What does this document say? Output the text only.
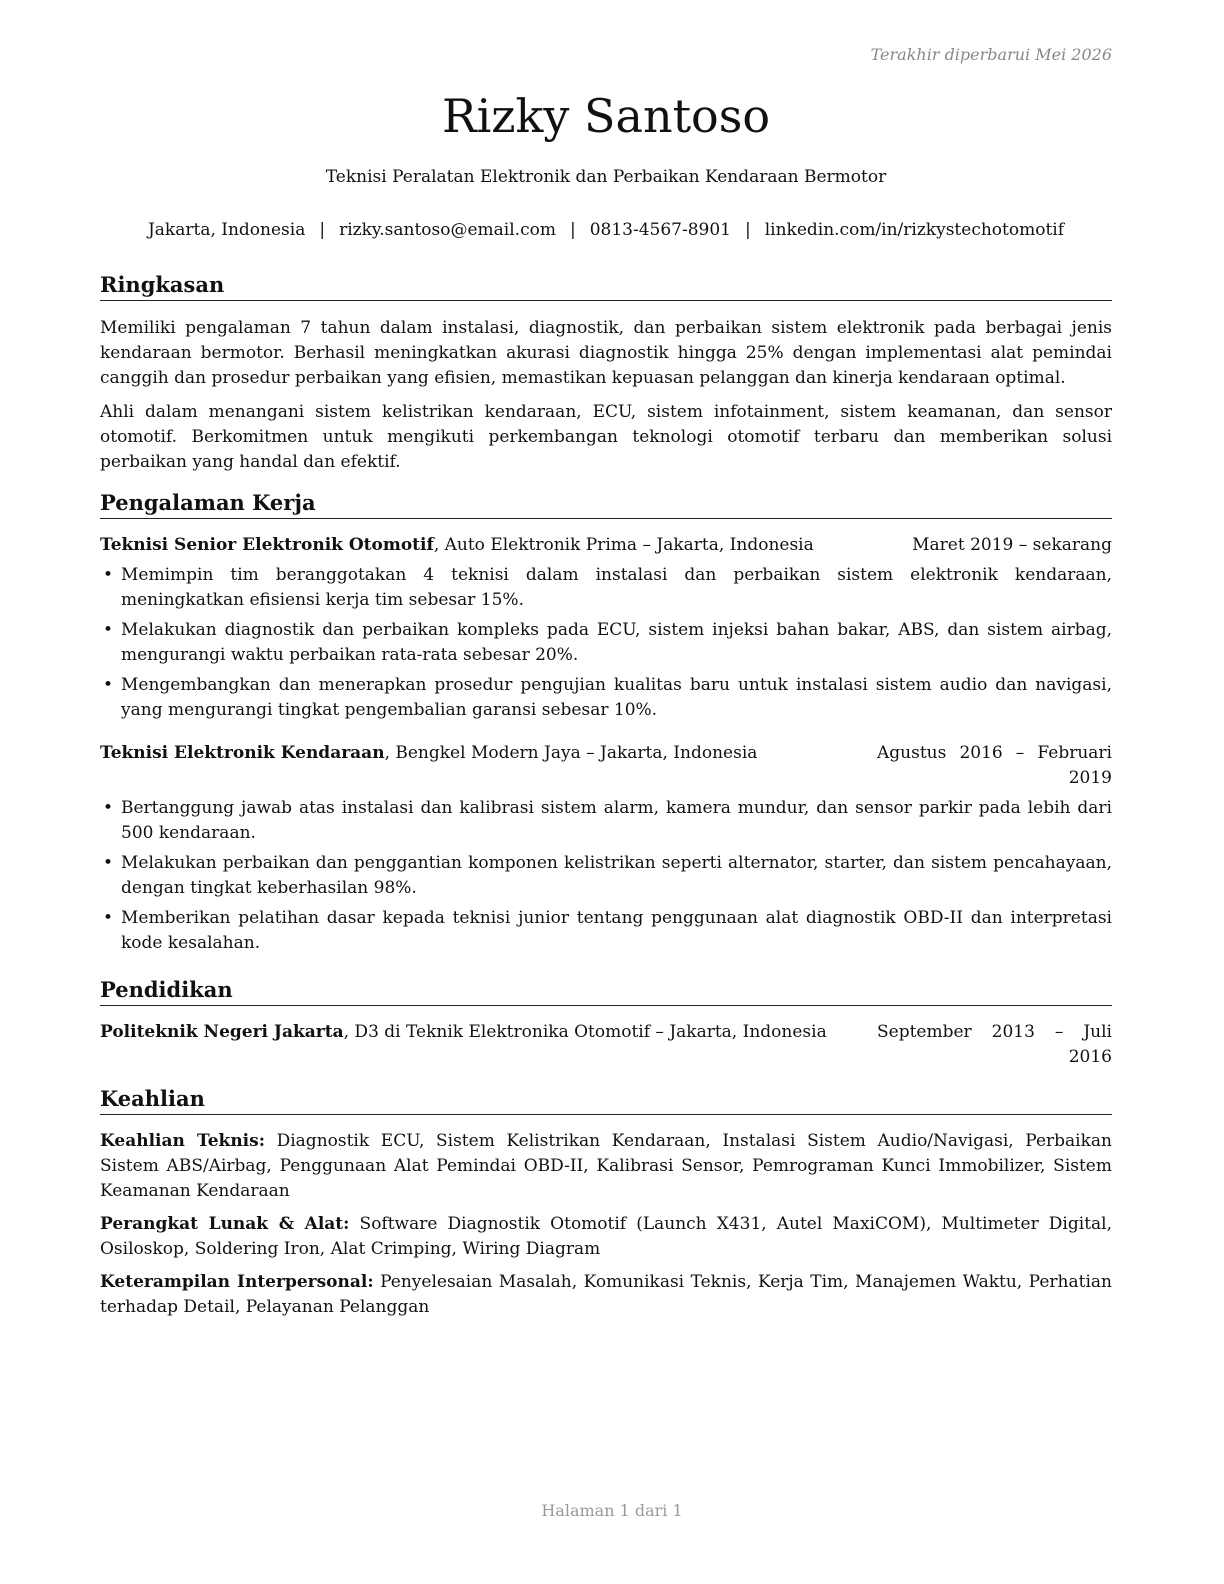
Terakhir diperbarui Mei 2026
Rizky Santoso
Teknisi Peralatan Elektronik dan Perbaikan Kendaraan Bermotor
Jakarta, Indonesia | rizky.santoso@email.com | 0813-4567-8901 | linkedin.com/in/rizkystechotomotif
Ringkasan

Memiliki pengalaman 7 tahun dalam instalasi, diagnostik, dan perbaikan sistem elektronik pada berbagai jenis kendaraan bermotor. Berhasil meningkatkan akurasi diagnostik hingga 25% dengan implementasi alat pemindai canggih dan prosedur perbaikan yang efisien, memastikan kepuasan pelanggan dan kinerja kendaraan optimal.

Ahli dalam menangani sistem kelistrikan kendaraan, ECU, sistem infotainment, sistem keamanan, dan sensor otomotif. Berkomitmen untuk mengikuti perkembangan teknologi otomotif terbaru dan memberikan solusi perbaikan yang handal dan efektif.

Pengalaman Kerja
Teknisi Senior Elektronik Otomotif, Auto Elektronik Prima – Jakarta, Indonesia	Maret 2019 – sekarang
• Memimpin tim beranggotakan 4 teknisi dalam instalasi dan perbaikan sistem elektronik kendaraan, meningkatkan efisiensi kerja tim sebesar 15%.
• Melakukan diagnostik dan perbaikan kompleks pada ECU, sistem injeksi bahan bakar, ABS, dan sistem airbag, mengurangi waktu perbaikan rata-rata sebesar 20%.
• Mengembangkan dan menerapkan prosedur pengujian kualitas baru untuk instalasi sistem audio dan navigasi, yang mengurangi tingkat pengembalian garansi sebesar 10%.
Teknisi Elektronik Kendaraan, Bengkel Modern Jaya – Jakarta, Indonesia	Agustus 2016 – Februari 2019
• Bertanggung jawab atas instalasi dan kalibrasi sistem alarm, kamera mundur, dan sensor parkir pada lebih dari 500 kendaraan.
• Melakukan perbaikan dan penggantian komponen kelistrikan seperti alternator, starter, dan sistem pencahayaan, dengan tingkat keberhasilan 98%.
• Memberikan pelatihan dasar kepada teknisi junior tentang penggunaan alat diagnostik OBD-II dan interpretasi kode kesalahan.
Pendidikan
Politeknik Negeri Jakarta, D3 di Teknik Elektronika Otomotif – Jakarta, Indonesia	September 2013 – Juli 2016
Keahlian

Keahlian Teknis: Diagnostik ECU, Sistem Kelistrikan Kendaraan, Instalasi Sistem Audio/Navigasi, Perbaikan Sistem ABS/Airbag, Penggunaan Alat Pemindai OBD-II, Kalibrasi Sensor, Pemrograman Kunci Immobilizer, Sistem Keamanan Kendaraan

Perangkat Lunak & Alat: Software Diagnostik Otomotif (Launch X431, Autel MaxiCOM), Multimeter Digital, Osiloskop, Soldering Iron, Alat Crimping, Wiring Diagram

Keterampilan Interpersonal: Penyelesaian Masalah, Komunikasi Teknis, Kerja Tim, Manajemen Waktu, Perhatian terhadap Detail, Pelayanan Pelanggan

Halaman 1 dari 1
